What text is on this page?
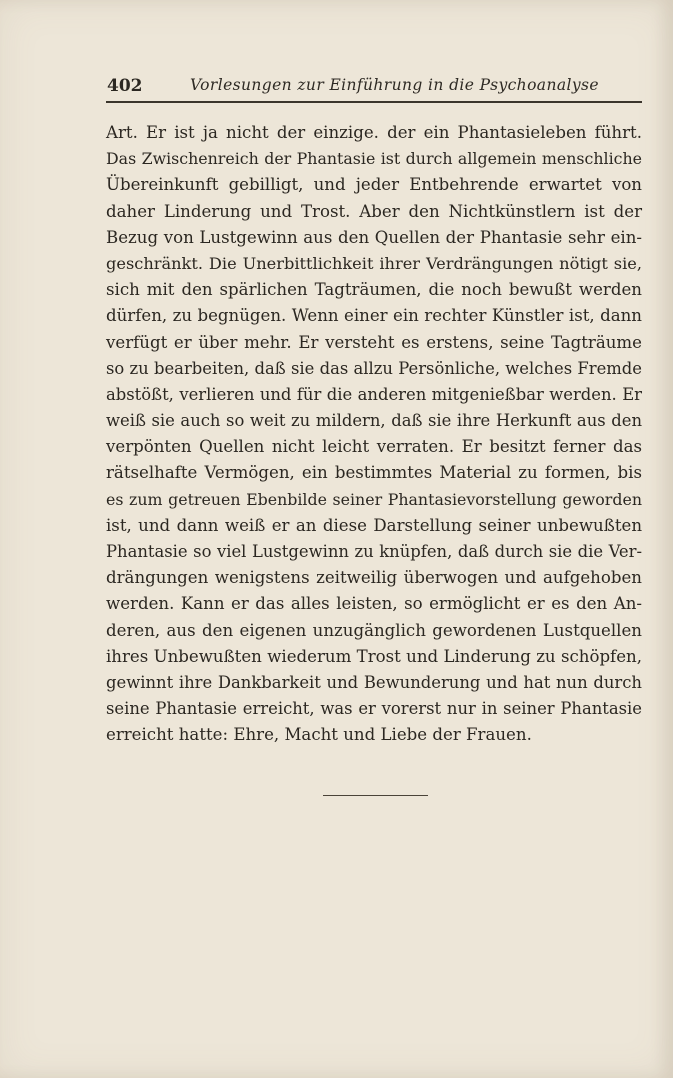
402	Vorlesungen zur Einführung in die Psychoanalyse
Art. Er ist ja nicht der einzige. der ein Phantasieleben führt.
Das Zwischenreich der Phantasie ist durch allgemein menschliche
Übereinkunft gebilligt, und jeder Entbehrende erwartet von
daher Linderung und Trost. Aber den Nichtkünstlern ist der
Bezug von Lustgewinn aus den Quellen der Phantasie sehr ein-
geschränkt. Die Unerbittlichkeit ihrer Verdrängungen nötigt sie,
sich mit den spärlichen Tagträumen, die noch bewußt werden
dürfen, zu begnügen. Wenn einer ein rechter Künstler ist, dann
verfügt er über mehr. Er versteht es erstens, seine Tagträume
so zu bearbeiten, daß sie das allzu Persönliche, welches Fremde
abstößt, verlieren und für die anderen mitgenießbar werden. Er
weiß sie auch so weit zu mildern, daß sie ihre Herkunft aus den
verpönten Quellen nicht leicht verraten. Er besitzt ferner das
rätselhafte Vermögen, ein bestimmtes Material zu formen, bis
es zum getreuen Ebenbilde seiner Phantasievorstellung geworden
ist, und dann weiß er an diese Darstellung seiner unbewußten
Phantasie so viel Lustgewinn zu knüpfen, daß durch sie die Ver-
drängungen wenigstens zeitweilig überwogen und aufgehoben
werden. Kann er das alles leisten, so ermöglicht er es den An-
deren, aus den eigenen unzugänglich gewordenen Lustquellen
ihres Unbewußten wiederum Trost und Linderung zu schöpfen,
gewinnt ihre Dankbarkeit und Bewunderung und hat nun durch
seine Phantasie erreicht, was er vorerst nur in seiner Phantasie
erreicht hatte: Ehre, Macht und Liebe der Frauen.
